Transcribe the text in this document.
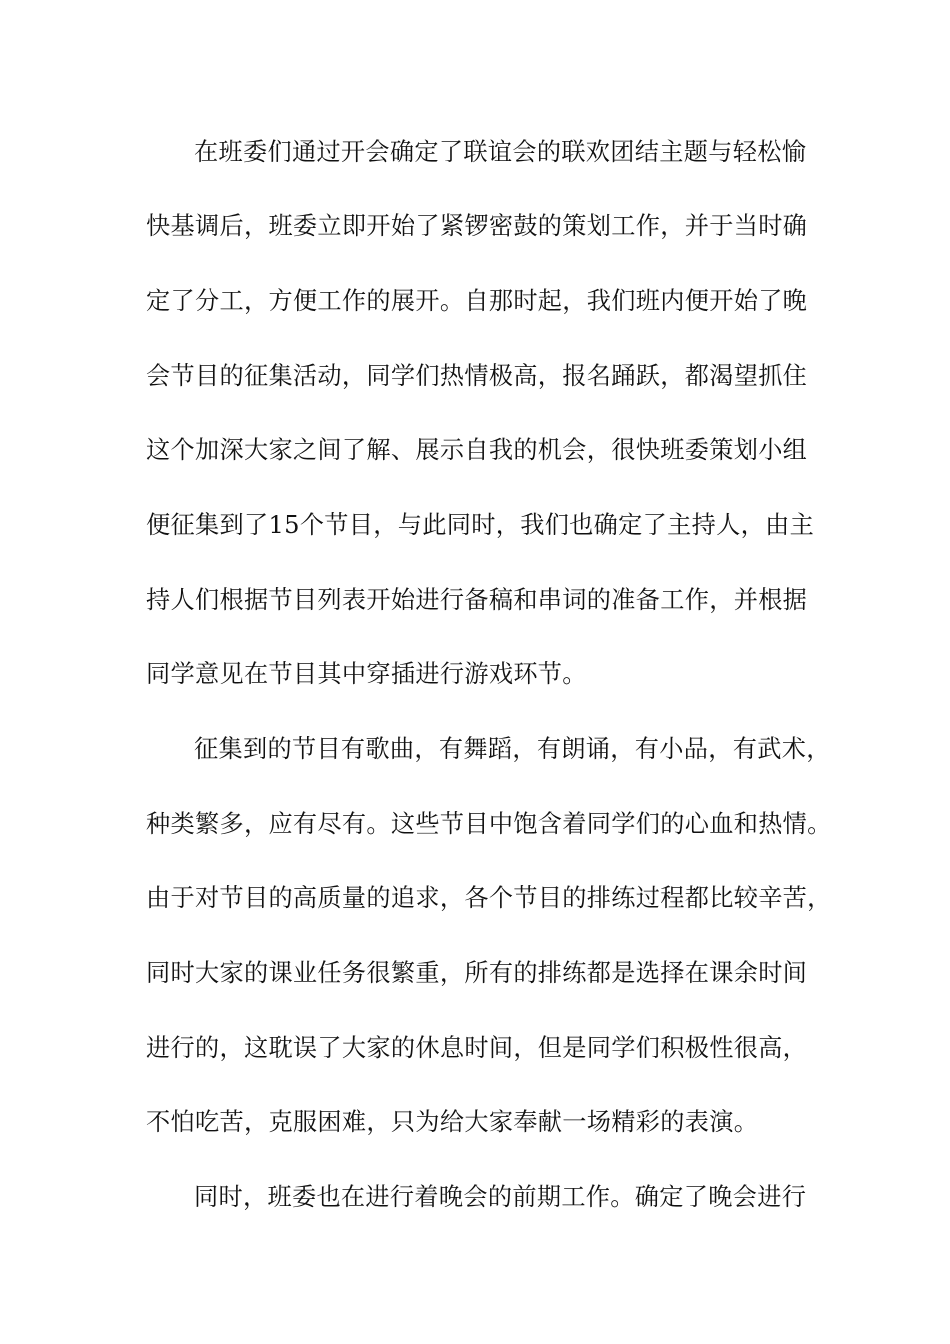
在班委们通过开会确定了联谊会的联欢团结主题与轻松愉
快基调后，班委立即开始了紧锣密鼓的策划工作，并于当时确
定了分工，方便工作的展开。自那时起，我们班内便开始了晚
会节目的征集活动，同学们热情极高，报名踊跃，都渴望抓住
这个加深大家之间了解、展示自我的机会，很快班委策划小组
便征集到了15个节目，与此同时，我们也确定了主持人，由主
持人们根据节目列表开始进行备稿和串词的准备工作，并根据
同学意见在节目其中穿插进行游戏环节。
征集到的节目有歌曲，有舞蹈，有朗诵，有小品，有武术，
种类繁多，应有尽有。这些节目中饱含着同学们的心血和热情。
由于对节目的高质量的追求，各个节目的排练过程都比较辛苦，
同时大家的课业任务很繁重，所有的排练都是选择在课余时间
进行的，这耽误了大家的休息时间，但是同学们积极性很高，
不怕吃苦，克服困难，只为给大家奉献一场精彩的表演。
同时，班委也在进行着晚会的前期工作。确定了晚会进行
